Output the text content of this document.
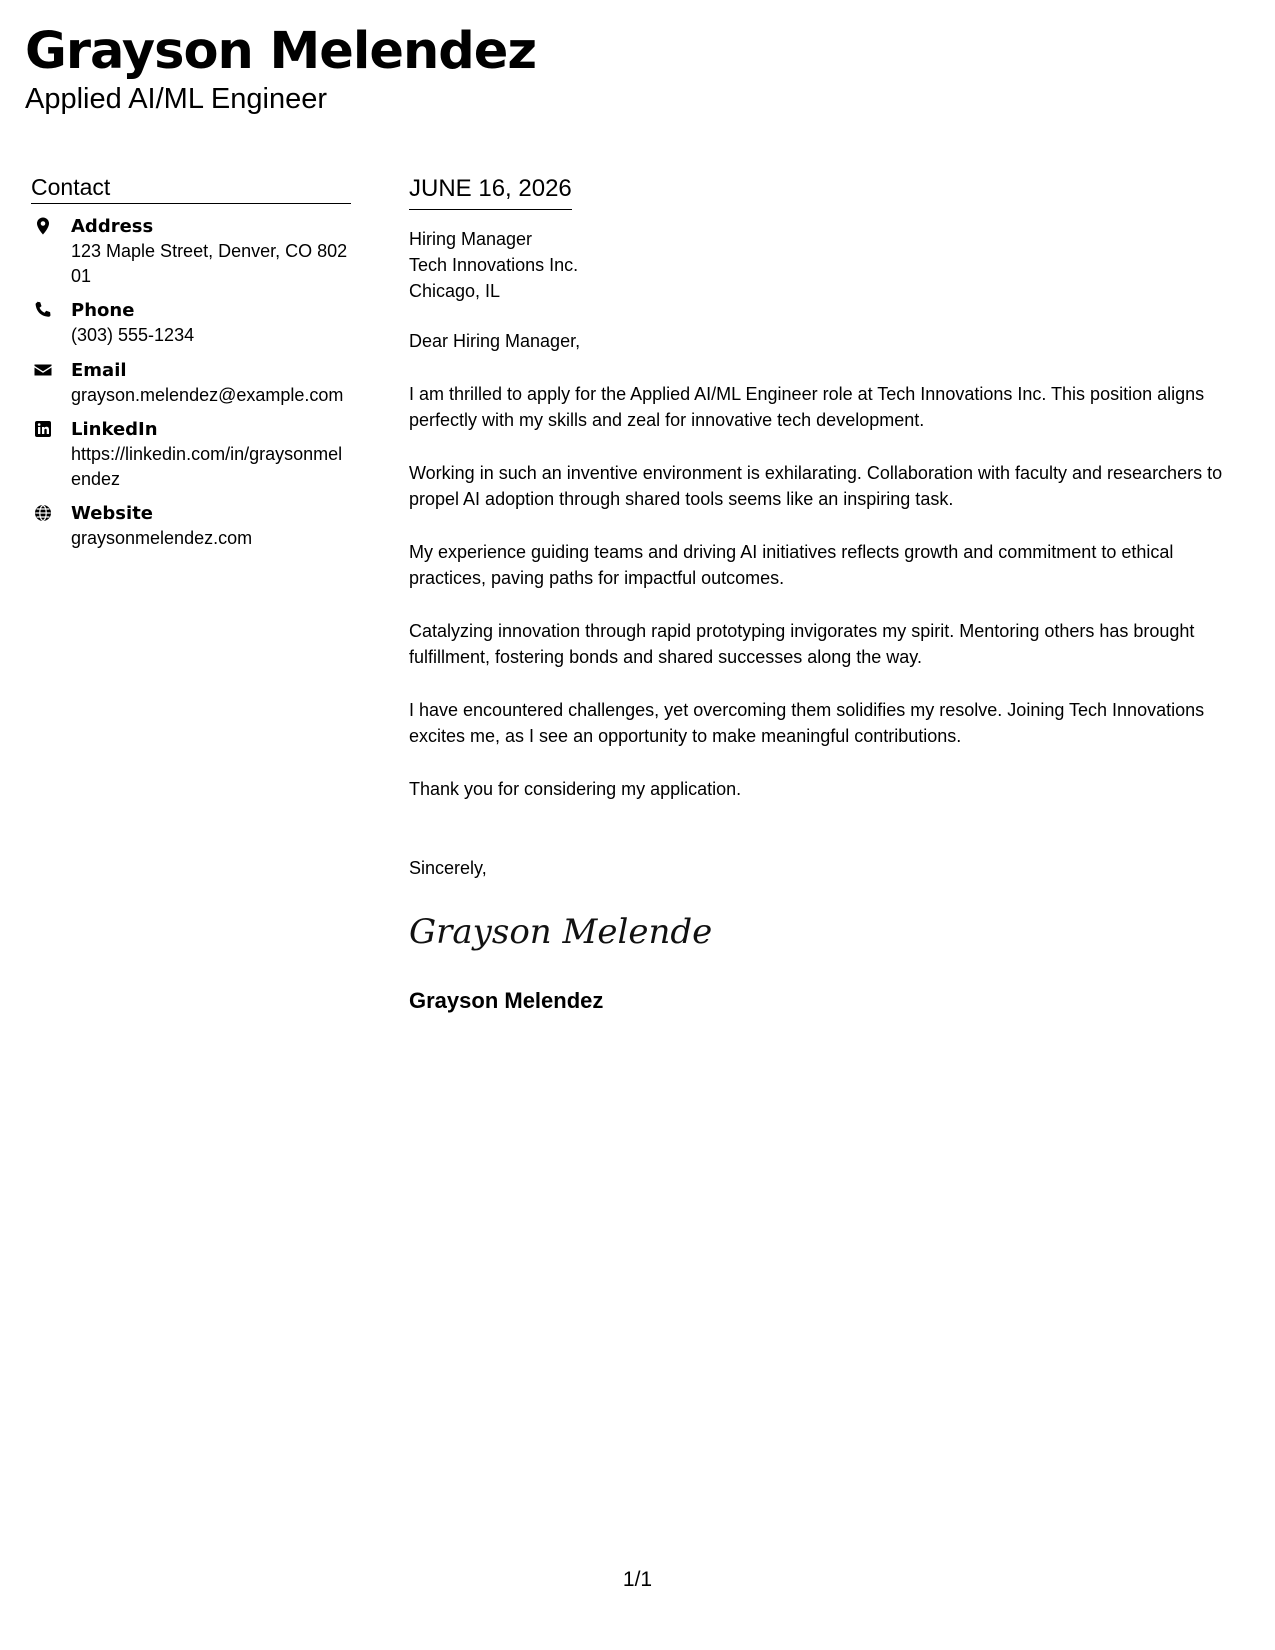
Grayson Melendez
Applied AI/ML Engineer
Contact
Address
123 Maple Street, Denver, CO 80201
Phone
(303) 555-1234
Email
grayson.melendez@example.com
LinkedIn
https://linkedin.com/in/graysonmelendez
Website
graysonmelendez.com
JUNE 16, 2026
Hiring Manager
Tech Innovations Inc.
Chicago, IL
Dear Hiring Manager,

I am thrilled to apply for the Applied AI/ML Engineer role at Tech Innovations Inc. This position aligns perfectly with my skills and zeal for innovative tech development.

Working in such an inventive environment is exhilarating. Collaboration with faculty and researchers to propel AI adoption through shared tools seems like an inspiring task.

My experience guiding teams and driving AI initiatives reflects growth and commitment to ethical practices, paving paths for impactful outcomes.

Catalyzing innovation through rapid prototyping invigorates my spirit. Mentoring others has brought fulfillment, fostering bonds and shared successes along the way.

I have encountered challenges, yet overcoming them solidifies my resolve. Joining Tech Innovations excites me, as I see an opportunity to make meaningful contributions.

Thank you for considering my application.

Sincerely,
Grayson Melende
Grayson Melendez
1/1
